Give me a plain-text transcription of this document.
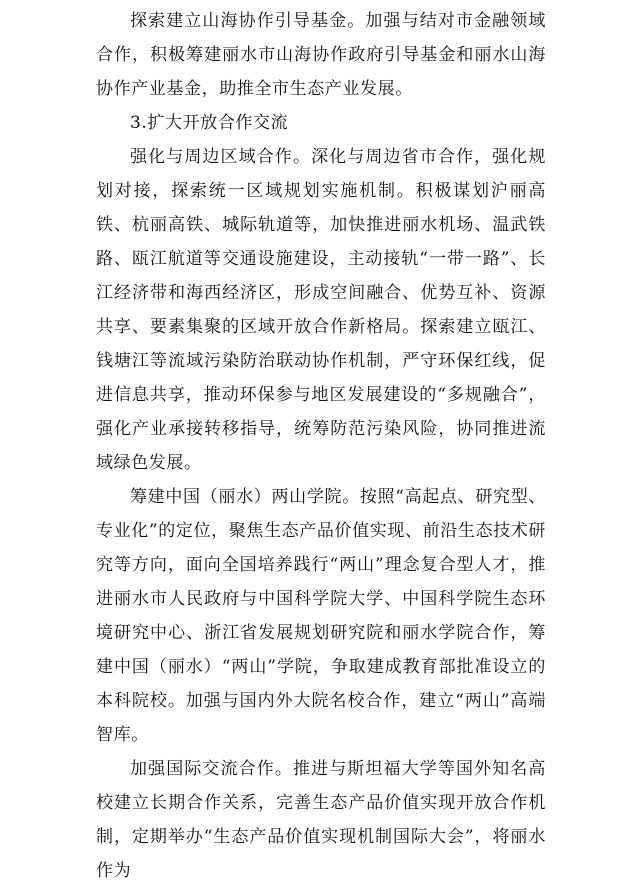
探索建立山海协作引导基金。加强与结对市金融领域合作，积极筹建丽水市山海协作政府引导基金和丽水山海协作产业基金，助推全市生态产业发展。

3.扩大开放合作交流

强化与周边区域合作。深化与周边省市合作，强化规划对接，探索统一区域规划实施机制。积极谋划沪丽高铁、杭丽高铁、城际轨道等，加快推进丽水机场、温武铁路、瓯江航道等交通设施建设，主动接轨“一带一路”、长江经济带和海西经济区，形成空间融合、优势互补、资源共享、要素集聚的区域开放合作新格局。探索建立瓯江、钱塘江等流域污染防治联动协作机制，严守环保红线，促进信息共享，推动环保参与地区发展建设的“多规融合”，强化产业承接转移指导，统筹防范污染风险，协同推进流域绿色发展。

筹建中国（丽水）两山学院。按照“高起点、研究型、专业化”的定位，聚焦生态产品价值实现、前沿生态技术研究等方向，面向全国培养践行“两山”理念复合型人才，推进丽水市人民政府与中国科学院大学、中国科学院生态环境研究中心、浙江省发展规划研究院和丽水学院合作，筹建中国（丽水）“两山”学院，争取建成教育部批准设立的本科院校。加强与国内外大院名校合作，建立“两山”高端智库。

加强国际交流合作。推进与斯坦福大学等国外知名高校建立长期合作关系，完善生态产品价值实现开放合作机制，定期举办“生态产品价值实现机制国际大会”，将丽水作为
